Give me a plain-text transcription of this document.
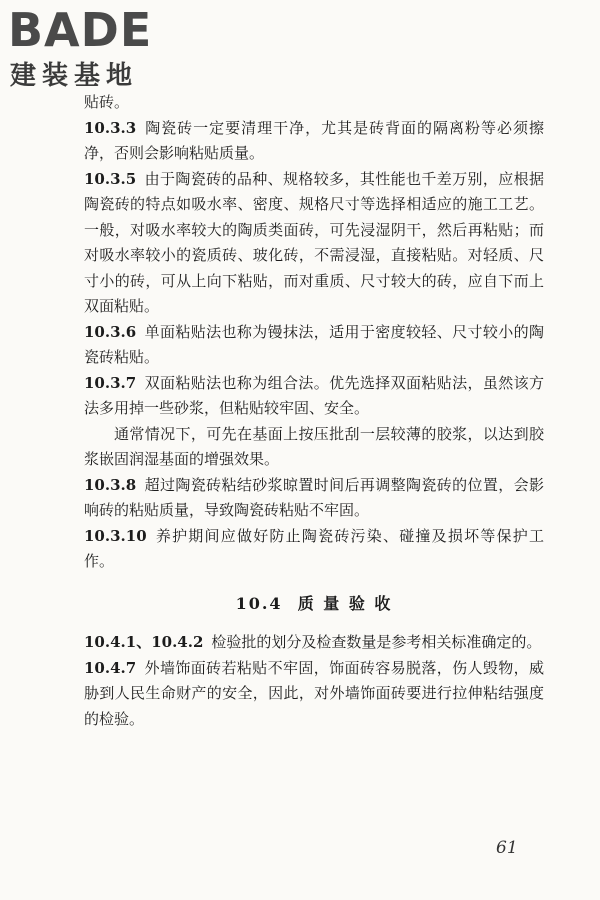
BADE
建装基地

贴砖。

10.3.3 陶瓷砖一定要清理干净，尤其是砖背面的隔离粉等必须擦净，否则会影响粘贴质量。

10.3.5 由于陶瓷砖的品种、规格较多，其性能也千差万别，应根据陶瓷砖的特点如吸水率、密度、规格尺寸等选择相适应的施工工艺。一般，对吸水率较大的陶质类面砖，可先浸湿阴干，然后再粘贴；而对吸水率较小的瓷质砖、玻化砖，不需浸湿，直接粘贴。对轻质、尺寸小的砖，可从上向下粘贴，而对重质、尺寸较大的砖，应自下而上双面粘贴。

10.3.6 单面粘贴法也称为镘抹法，适用于密度较轻、尺寸较小的陶瓷砖粘贴。

10.3.7 双面粘贴法也称为组合法。优先选择双面粘贴法，虽然该方法多用掉一些砂浆，但粘贴较牢固、安全。

通常情况下，可先在基面上按压批刮一层较薄的胶浆，以达到胶浆嵌固润湿基面的增强效果。

10.3.8 超过陶瓷砖粘结砂浆晾置时间后再调整陶瓷砖的位置，会影响砖的粘贴质量，导致陶瓷砖粘贴不牢固。

10.3.10 养护期间应做好防止陶瓷砖污染、碰撞及损坏等保护工作。

10.4 质 量 验 收

10.4.1、10.4.2 检验批的划分及检查数量是参考相关标准确定的。

10.4.7 外墙饰面砖若粘贴不牢固，饰面砖容易脱落，伤人毁物，威胁到人民生命财产的安全，因此，对外墙饰面砖要进行拉伸粘结强度的检验。

61
